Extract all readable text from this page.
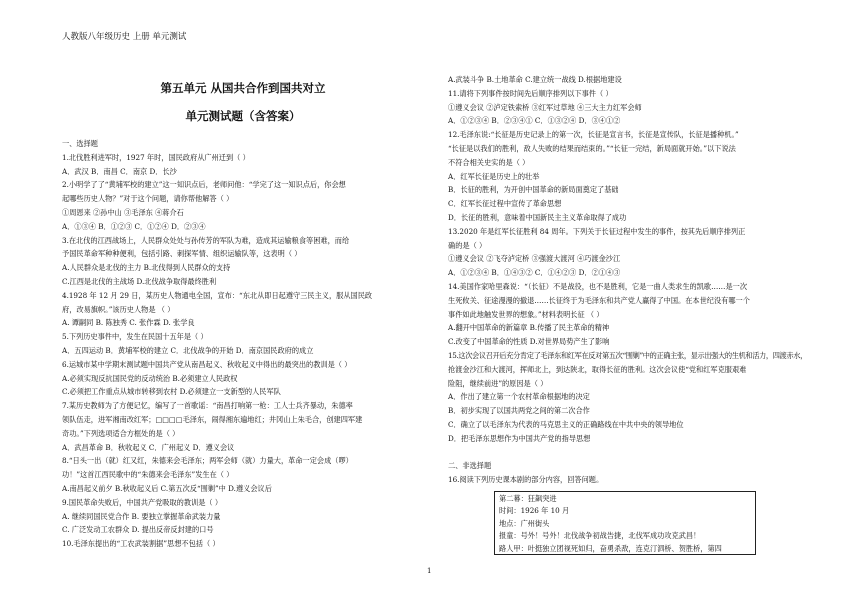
人教版八年级历史 上册 单元测试
第五单元 从国共合作到国共对立
单元测试题（含答案）
一、选择题
1.北伐胜利进军时，1927 年时，国民政府从广州迁到（ ）
A．武汉 B．南昌 C．南京 D．长沙
2.小明学了了“黄埔军校的建立”这一知识点后，老师问他：“学完了这一知识点后，你会想
起哪些历史人物？”对于这个问题，请你帮他解答（ ）
①周恩来 ②孙中山 ③毛泽东 ④蒋介石
A．①③④ B．①②③ C．①②④ D．②③④
3.在北伐的江西战场上，人民群众处处与孙传芳的军队为难，造成其运输粮食等困难，而给
予国民革命军种种便利，包括引路、刺探军情、组织运输队等，这表明（ ）
A.人民群众是北伐的主力 B.北伐得到人民群众的支持
C.江西是北伐的主战场 D.北伐战争取得最终胜利
4.1928 年 12 月 29 日，某历史人物通电全国，宣布：“东北从即日起遵守三民主义，服从国民政
府，改易旗帜。”该历史人物是 （ ）
A. 谭嗣同 B. 陈独秀 C. 张作霖 D. 张学良
5.下列历史事件中，发生在民国十五年是（ ）
A．五四运动 B．黄埔军校的建立 C．北伐战争的开始 D．南京国民政府的成立
6.运城市某中学期末测试题中国共产党从南昌起义、秋收起义中得出的最突出的教训是（ ）
A.必须实现反抗国民党的反动统治 B.必须建立人民政权
C.必须把工作重点从城市转移到农村 D.必须建立一支新型的人民军队
7.某历史教师为了方便记忆，编写了一首歌谣：“南昌打响第一枪：工人士兵齐暴动，朱德率
领队伍走，进军湘南改红军；□□□□毛泽东，闹得湘东遍地红；井冈山上朱毛合，创建四军建
奇功。”下列选项适合方框处的是（ ）
A．武昌革命 B．秋收起义 C．广州起义 D．遵义会议
8.“日头一出（就）红又红，朱德来会毛泽东；两军会师（就）力量大，革命一定会成（啰）
功！”这首江西民歌中的“朱德来会毛泽东”发生在（ ）
A.南昌起义前夕 B.秋收起义后 C.第五次反“围剿”中 D.遵义会议后
9.国民革命失败后，中国共产党吸取的教训是（ ）
A. 继续同国民党合作 B. 要独立掌握革命武装力量
C. 广泛发动工农群众 D. 提出反帝反封建的口号
10.毛泽东提出的“工农武装割据”思想不包括（ ）
A.武装斗争 B.土地革命 C.建立统一战线 D.根据地建设
11.请将下列事件按时间先后顺序排列以下事件（ ）
①遵义会议 ②泸定铁索桥 ③红军过草地 ④三大主力红军会师
A．①②③④ B．②③④① C．①③②④ D．③④①②
12.毛泽东说:“长征是历史记录上的第一次，长征是宣言书，长征是宣传队，长征是播种机。”
“长征是以我们的胜利，敌人失败的结果而结束的。”“长征一完结，新局面就开始。”以下说法
不符合相关史实的是（ ）
A．红军长征是历史上的壮举
B．长征的胜利，为开创中国革命的新局面奠定了基础
C．红军长征过程中宣传了革命思想
D．长征的胜利，意味着中国新民主主义革命取得了成功
13.2020 年是红军长征胜利 84 周年。下列关于长征过程中发生的事件，按其先后顺序排列正
确的是（ ）
①遵义会议 ②飞夺泸定桥 ③强渡大渡河 ④巧渡金沙江
A．①②③④ B．①④③② C．①④②③ D．②①④③
14.美国作家哈里森说：“（长征）不是战役，也不是胜利，它是一曲人类求生的凯歌……是一次
生死攸关、征途漫漫的撤退……长征终于为毛泽东和共产党人赢得了中国。在本世纪没有哪一个
事件如此地触发世界的想象。”材料表明长征 （ ）
A.翻开中国革命的新篇章 B.传播了民主革命的精神
C.改变了中国革命的性质 D.对世界局势产生了影响
15.这次会议召开后充分肯定了毛泽东和红军在反对第五次“围剿”中的正确主张，显示出强大的生机和活力，四渡赤水，
抢渡金沙江和大渡河，挥师北上，到达陕北，取得长征的胜利。这次会议使“党和红军克服艰难
险阻，继续前进”的原因是（ ）
A．作出了建立第一个农村革命根据地的决定
B．初步实现了以国共两党之间的第二次合作
C．确立了以毛泽东为代表的马克思主义的正确路线在中共中央的领导地位
D．把毛泽东思想作为中国共产党的指导思想

二、非选择题
16.阅读下列历史课本剧的部分内容，回答问题。
第二幕：狂飙突进
时间：1926 年 10 月
地点：广州街头
报童：号外！号外！北伐战争初战告捷，北伐军成功攻克武昌！
路人甲：叶挺独立团视死如归，奋勇杀敌，连克汀泗桥、贺胜桥，第四
1
